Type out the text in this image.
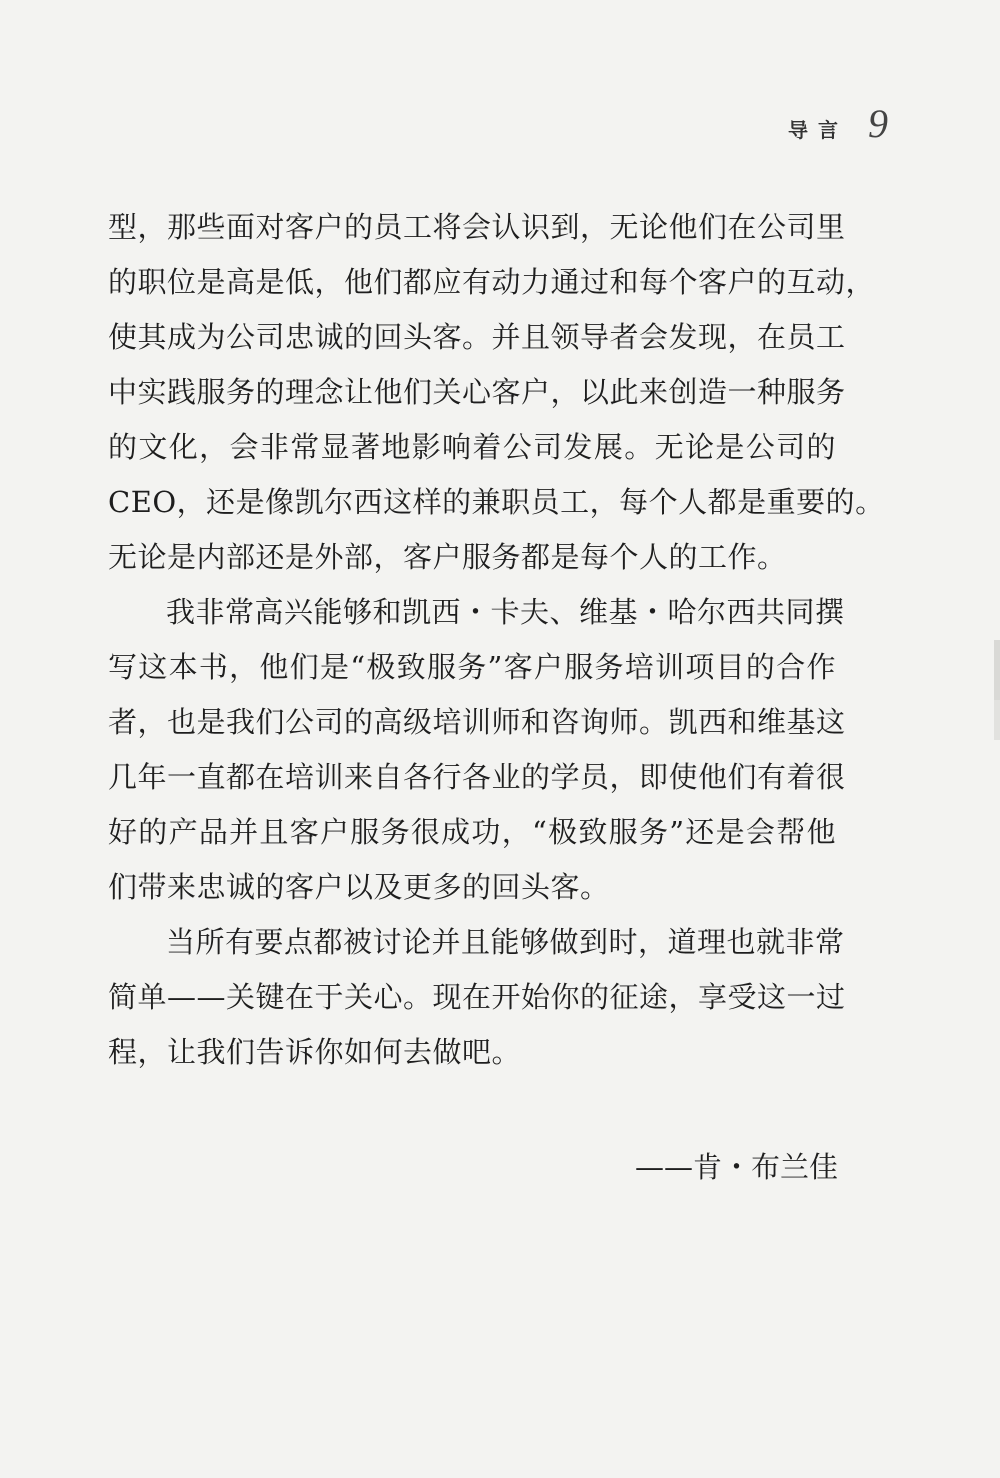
导言 9
型，那些面对客户的员工将会认识到，无论他们在公司里
的职位是高是低，他们都应有动力通过和每个客户的互动，
使其成为公司忠诚的回头客。并且领导者会发现，在员工
中实践服务的理念让他们关心客户，以此来创造一种服务
的文化，会非常显著地影响着公司发展。无论是公司的
CEO，还是像凯尔西这样的兼职员工，每个人都是重要的。
无论是内部还是外部，客户服务都是每个人的工作。
我非常高兴能够和凯西・卡夫、维基・哈尔西共同撰
写这本书，他们是“极致服务”客户服务培训项目的合作
者，也是我们公司的高级培训师和咨询师。凯西和维基这
几年一直都在培训来自各行各业的学员，即使他们有着很
好的产品并且客户服务很成功，“极致服务”还是会帮他
们带来忠诚的客户以及更多的回头客。
当所有要点都被讨论并且能够做到时，道理也就非常
简单——关键在于关心。现在开始你的征途，享受这一过
程，让我们告诉你如何去做吧。
——肯・布兰佳
